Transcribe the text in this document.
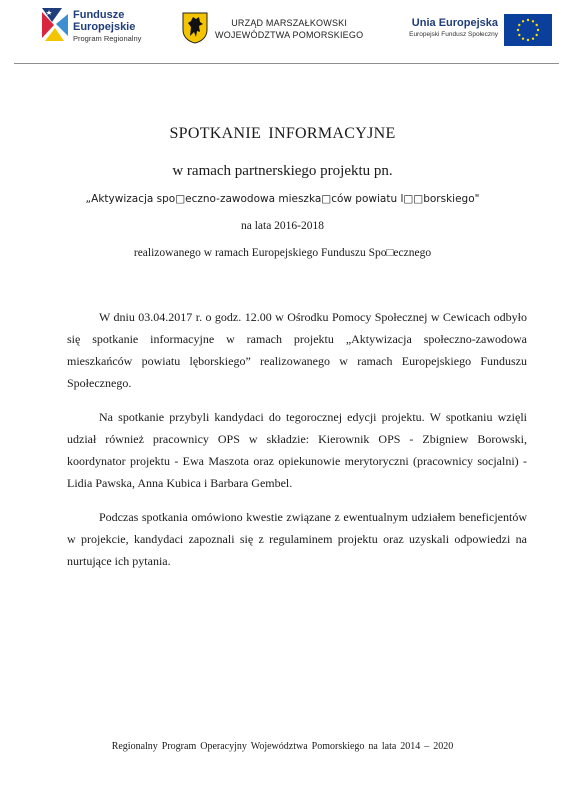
Fundusze
Europejskie
Program Regionalny
URZĄD MARSZAŁKOWSKI
WOJEWÓDZTWA POMORSKIEGO
Unia Europejska
Europejski Fundusz Społeczny
SPOTKANIE INFORMACYJNE
w ramach partnerskiego projektu pn.
„Aktywizacja spo□eczno-zawodowa mieszka□ców powiatu l□□borskiego"
na lata 2016-2018
realizowanego w ramach Europejskiego Funduszu Spo□ecznego

W dniu 03.04.2017 r. o godz. 12.00 w Ośrodku Pomocy Społecznej w Cewicach odbyło się spotkanie informacyjne w ramach projektu „Aktywizacja społeczno-zawodowa mieszkańców powiatu lęborskiego” realizowanego w ramach Europejskiego Funduszu Społecznego.

Na spotkanie przybyli kandydaci do tegorocznej edycji projektu. W spotkaniu wzięli udział również pracownicy OPS w składzie: Kierownik OPS - Zbigniew Borowski, koordynator projektu - Ewa Maszota oraz opiekunowie merytoryczni (pracownicy socjalni) - Lidia Pawska, Anna Kubica i Barbara Gembel.

Podczas spotkania omówiono kwestie związane z ewentualnym udziałem beneficjentów w projekcie, kandydaci zapoznali się z regulaminem projektu oraz uzyskali odpowiedzi na nurtujące ich pytania.

Regionalny Program Operacyjny Województwa Pomorskiego na lata 2014 – 2020
